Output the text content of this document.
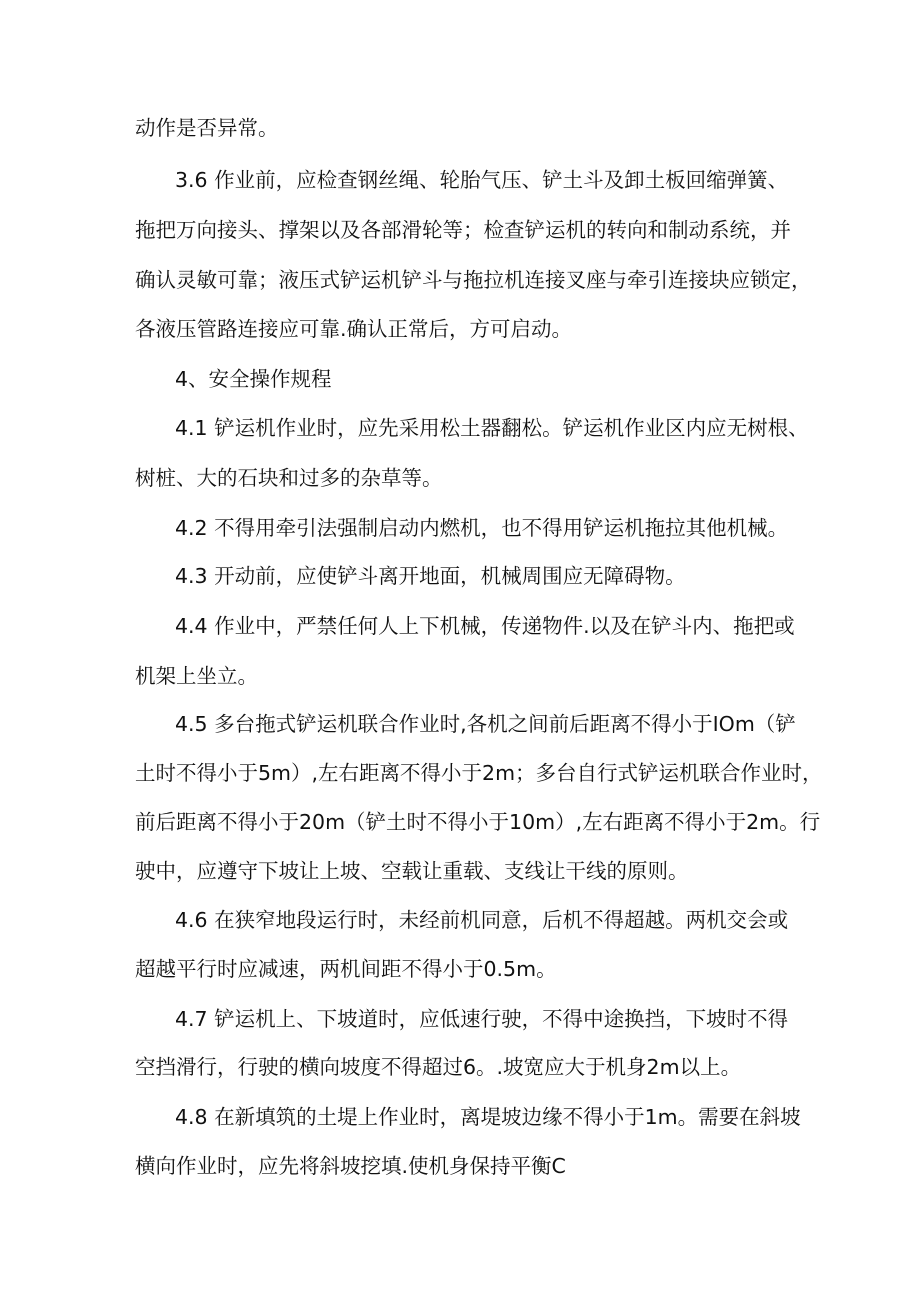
动作是否异常。
3.6 作业前，应检查钢丝绳、轮胎气压、铲土斗及卸土板回缩弹簧、
拖把万向接头、撑架以及各部滑轮等；检查铲运机的转向和制动系统，并
确认灵敏可靠；液压式铲运机铲斗与拖拉机连接叉座与牵引连接块应锁定，
各液压管路连接应可靠.确认正常后，方可启动。
4、安全操作规程
4.1 铲运机作业时，应先采用松土器翻松。铲运机作业区内应无树根、
树桩、大的石块和过多的杂草等。
4.2 不得用牵引法强制启动内燃机，也不得用铲运机拖拉其他机械。
4.3 开动前，应使铲斗离开地面，机械周围应无障碍物。
4.4 作业中，严禁任何人上下机械，传递物件.以及在铲斗内、拖把或
机架上坐立。
4.5 多台拖式铲运机联合作业时,各机之间前后距离不得小于IOm（铲
土时不得小于5m）,左右距离不得小于2m；多台自行式铲运机联合作业时，
前后距离不得小于20m（铲土时不得小于10m）,左右距离不得小于2m。行
驶中，应遵守下坡让上坡、空载让重载、支线让干线的原则。
4.6 在狭窄地段运行时，未经前机同意，后机不得超越。两机交会或
超越平行时应减速，两机间距不得小于0.5m。
4.7 铲运机上、下坡道时，应低速行驶，不得中途换挡，下坡时不得
空挡滑行，行驶的横向坡度不得超过6。.坡宽应大于机身2m以上。
4.8 在新填筑的土堤上作业时，离堤坡边缘不得小于1m。需要在斜坡
横向作业时，应先将斜坡挖填.使机身保持平衡C
